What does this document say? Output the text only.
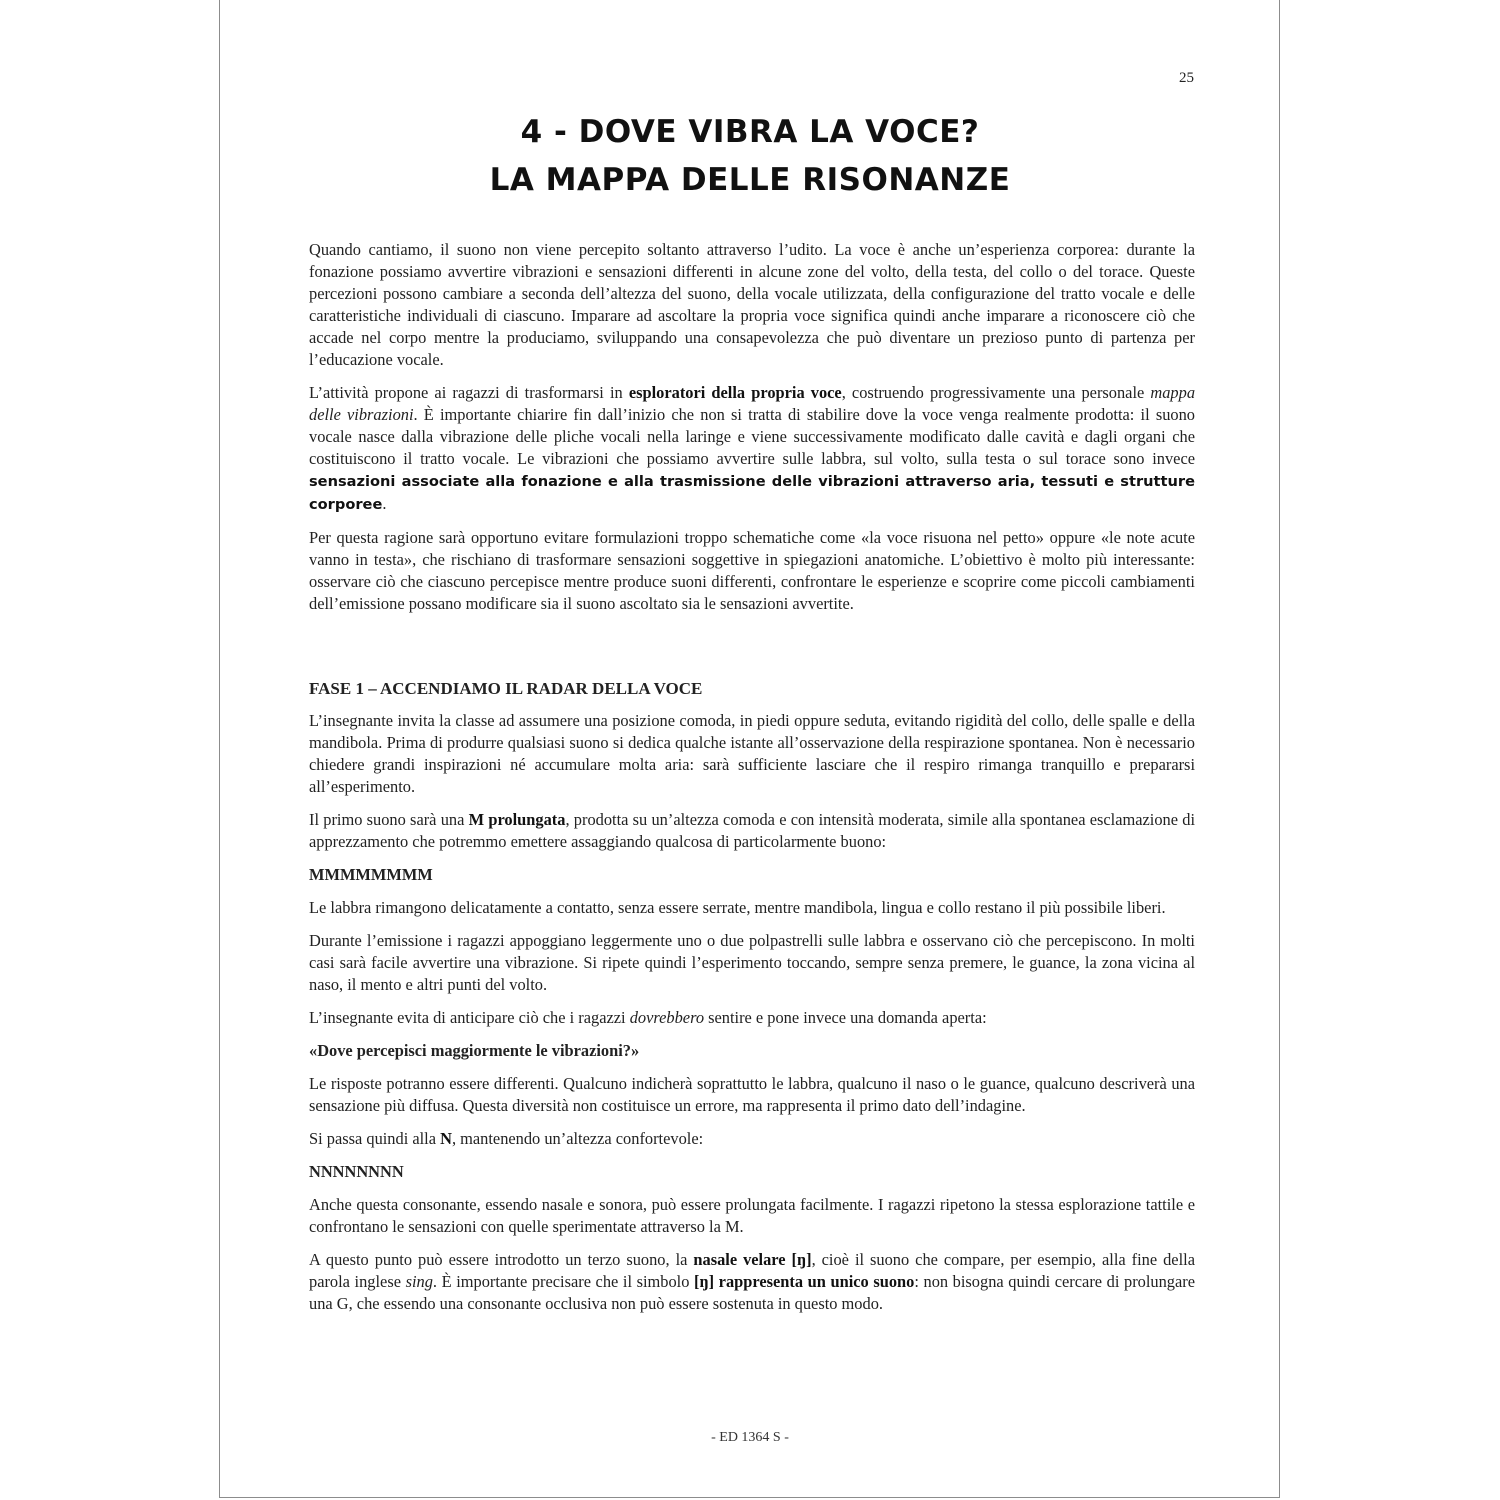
25
4 - DOVE VIBRA LA VOCE?
LA MAPPA DELLE RISONANZE

Quando cantiamo, il suono non viene percepito soltanto attraverso l’udito. La voce è anche un’esperienza corporea: durante la fonazione possiamo avvertire vibrazioni e sensazioni differenti in alcune zone del volto, della testa, del collo o del torace. Queste percezioni possono cambiare a seconda dell’altezza del suono, della vocale utilizzata, della configurazione del tratto vocale e delle caratteristiche individuali di ciascuno. Imparare ad ascoltare la propria voce significa quindi anche imparare a riconoscere ciò che accade nel corpo mentre la produciamo, sviluppando una consapevolezza che può diventare un prezioso punto di partenza per l’educazione vocale.

L’attività propone ai ragazzi di trasformarsi in esploratori della propria voce, costruendo progressivamente una personale mappa delle vibrazioni. È importante chiarire fin dall’inizio che non si tratta di stabilire dove la voce venga realmente prodotta: il suono vocale nasce dalla vibrazione delle pliche vocali nella laringe e viene successivamente modificato dalle cavità e dagli organi che costituiscono il tratto vocale. Le vibrazioni che possiamo avvertire sulle labbra, sul volto, sulla testa o sul torace sono invece sensazioni associate alla fonazione e alla trasmissione delle vibrazioni attraverso aria, tessuti e strutture corporee.

Per questa ragione sarà opportuno evitare formulazioni troppo schematiche come «la voce risuona nel petto» oppure «le note acute vanno in testa», che rischiano di trasformare sensazioni soggettive in spiegazioni anatomiche. L’obiettivo è molto più interessante: osservare ciò che ciascuno percepisce mentre produce suoni differenti, confrontare le esperienze e scoprire come piccoli cambiamenti dell’emissione possano modificare sia il suono ascoltato sia le sensazioni avvertite.

FASE 1 – ACCENDIAMO IL RADAR DELLA VOCE

L’insegnante invita la classe ad assumere una posizione comoda, in piedi oppure seduta, evitando rigidità del collo, delle spalle e della mandibola. Prima di produrre qualsiasi suono si dedica qualche istante all’osservazione della respirazione spontanea. Non è necessario chiedere grandi inspirazioni né accumulare molta aria: sarà sufficiente lasciare che il respiro rimanga tranquillo e prepararsi all’esperimento.

Il primo suono sarà una M prolungata, prodotta su un’altezza comoda e con intensità moderata, simile alla spontanea esclamazione di apprezzamento che potremmo emettere assaggiando qualcosa di particolarmente buono:

MMMMMMMM

Le labbra rimangono delicatamente a contatto, senza essere serrate, mentre mandibola, lingua e collo restano il più possibile liberi.

Durante l’emissione i ragazzi appoggiano leggermente uno o due polpastrelli sulle labbra e osservano ciò che percepiscono. In molti casi sarà facile avvertire una vibrazione. Si ripete quindi l’esperimento toccando, sempre senza premere, le guance, la zona vicina al naso, il mento e altri punti del volto.

L’insegnante evita di anticipare ciò che i ragazzi dovrebbero sentire e pone invece una domanda aperta:

«Dove percepisci maggiormente le vibrazioni?»

Le risposte potranno essere differenti. Qualcuno indicherà soprattutto le labbra, qualcuno il naso o le guance, qualcuno descriverà una sensazione più diffusa. Questa diversità non costituisce un errore, ma rappresenta il primo dato dell’indagine.

Si passa quindi alla N, mantenendo un’altezza confortevole:

NNNNNNNN

Anche questa consonante, essendo nasale e sonora, può essere prolungata facilmente. I ragazzi ripetono la stessa esplorazione tattile e confrontano le sensazioni con quelle sperimentate attraverso la M.

A questo punto può essere introdotto un terzo suono, la nasale velare [ŋ], cioè il suono che compare, per esempio, alla fine della parola inglese sing. È importante precisare che il simbolo [ŋ] rappresenta un unico suono: non bisogna quindi cercare di prolungare una G, che essendo una consonante occlusiva non può essere sostenuta in questo modo.

- ED 1364 S -
